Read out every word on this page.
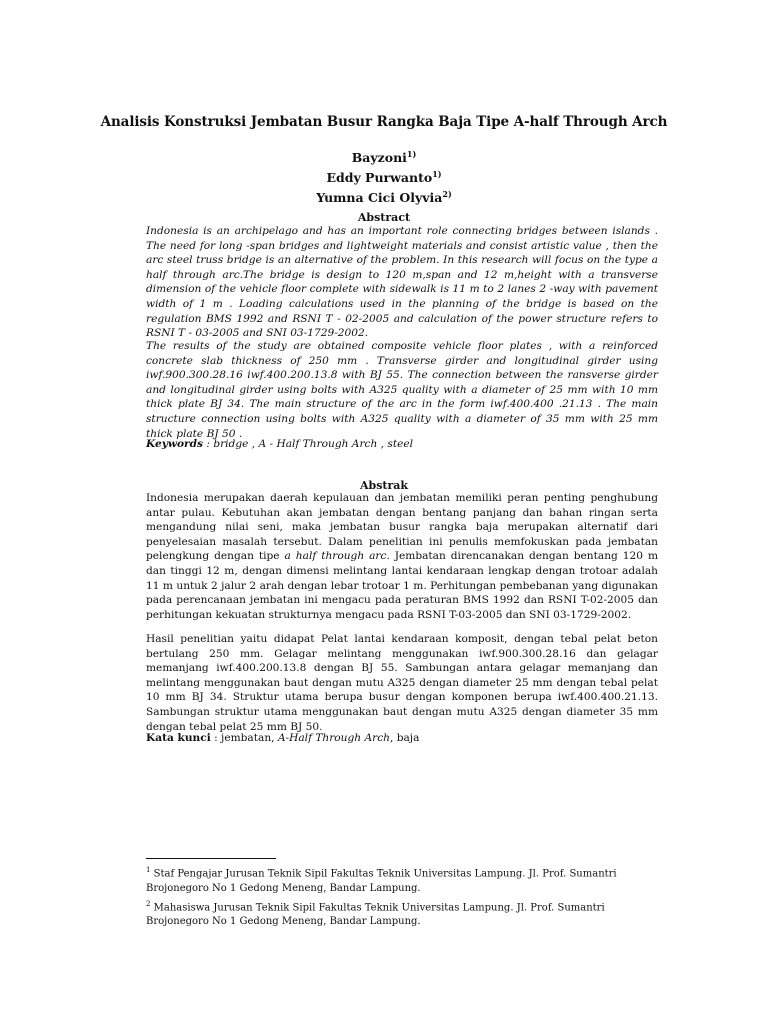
Analisis Konstruksi Jembatan Busur Rangka Baja Tipe A-half Through Arch
Bayzoni$^{1)}$
Eddy Purwanto$^{1)}$
Yumna Cici Olyvia$^{2)}$
Abstract

Indonesia is an archipelago and has an important role connecting bridges between islands . The need for long -span bridges and lightweight materials and consist artistic value , then the arc steel truss bridge is an alternative of the problem. In this research will focus on the type a half through arc.The bridge is design to 120 m,span and 12 m,height with a transverse dimension of the vehicle floor complete with sidewalk is 11 m to 2 lanes 2 -way with pavement width of 1 m . Loading calculations used in the planning of the bridge is based on the regulation BMS 1992 and RSNI T - 02-2005 and calculation of the power structure refers to RSNI T - 03-2005 and SNI 03-1729-2002.

The results of the study are obtained composite vehicle floor plates , with a reinforced concrete slab thickness of 250 mm . Transverse girder and longitudinal girder using iwf.900.300.28.16 iwf.400.200.13.8 with BJ 55. The connection between the ransverse girder and longitudinal girder using bolts with A325 quality with a diameter of 25 mm with 10 mm thick plate BJ 34. The main structure of the arc in the form iwf.400.400 .21.13 . The main structure connection using bolts with A325 quality with a diameter of 35 mm with 25 mm thick plate BJ 50 .

Keywords : bridge , A - Half Through Arch , steel

Abstrak

Indonesia merupakan daerah kepulauan dan jembatan memiliki peran penting penghubung antar pulau. Kebutuhan akan jembatan dengan bentang panjang dan bahan ringan serta mengandung nilai seni, maka jembatan busur rangka baja merupakan alternatif dari penyelesaian masalah tersebut. Dalam penelitian ini penulis memfokuskan pada jembatan pelengkung dengan tipe a half through arc. Jembatan direncanakan dengan bentang 120 m dan tinggi 12 m, dengan dimensi melintang lantai kendaraan lengkap dengan trotoar adalah 11 m untuk 2 jalur 2 arah dengan lebar trotoar 1 m. Perhitungan pembebanan yang digunakan pada perencanaan jembatan ini mengacu pada peraturan BMS 1992 dan RSNI T-02-2005 dan perhitungan kekuatan strukturnya mengacu pada RSNI T-03-2005 dan SNI 03-1729-2002.

Hasil penelitian yaitu didapat Pelat lantai kendaraan komposit, dengan tebal pelat beton bertulang 250 mm. Gelagar melintang menggunakan iwf.900.300.28.16 dan gelagar memanjang iwf.400.200.13.8 dengan BJ 55. Sambungan antara gelagar memanjang dan melintang menggunakan baut dengan mutu A325 dengan diameter 25 mm dengan tebal pelat 10 mm BJ 34. Struktur utama berupa busur dengan komponen berupa iwf.400.400.21.13. Sambungan struktur utama menggunakan baut dengan mutu A325 dengan diameter 35 mm dengan tebal pelat 25 mm BJ 50.

Kata kunci : jembatan, A-Half Through Arch, baja

$^1$ Staf Pengajar Jurusan Teknik Sipil Fakultas Teknik Universitas Lampung. Jl. Prof. Sumantri Brojonegoro No 1 Gedong Meneng, Bandar Lampung.
$^2$ Mahasiswa Jurusan Teknik Sipil Fakultas Teknik Universitas Lampung. Jl. Prof. Sumantri Brojonegoro No 1 Gedong Meneng, Bandar Lampung.
